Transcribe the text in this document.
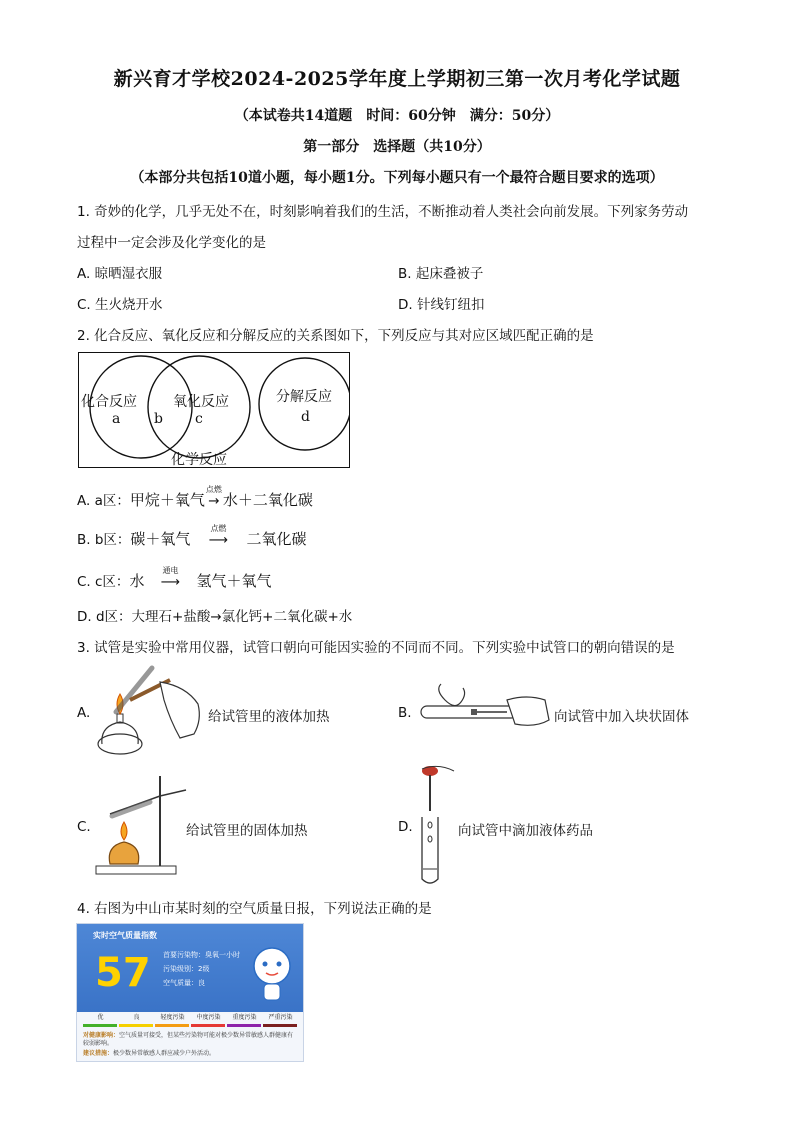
新兴育才学校2024-2025学年度上学期初三第一次月考化学试题
（本试卷共14道题　时间：60分钟　满分：50分）
第一部分　选择题（共10分）
（本部分共包括10道小题，每小题1分。下列每小题只有一个最符合题目要求的选项）
1. 奇妙的化学，几乎无处不在，时刻影响着我们的生活，不断推动着人类社会向前发展。下列家务劳动
过程中一定会涉及化学变化的是
A. 晾晒湿衣服	B. 起床叠被子
C. 生火烧开水	D. 针线钉纽扣
2. 化合反应、氧化反应和分解反应的关系图如下，下列反应与其对应区域匹配正确的是
化合反应
a b
氧化反应
c
分解反应
d
化学反应
A. a区：甲烷＋氧气
点燃
→ 水＋二氧化碳
B. b区：碳＋氧气
点燃
⟶ 二氧化碳
C. c区：水
通电
⟶ 氢气＋氧气
D. d区：大理石+盐酸→氯化钙+二氧化碳+水
3. 试管是实验中常用仪器，试管口朝向可能因实验的不同而不同。下列实验中试管口的朝向错误的是
A.	给试管里的液体加热	B.	向试管中加入块状固体
C.	给试管里的固体加热	D.	向试管中滴加液体药品
4. 右图为中山市某时刻的空气质量日报，下列说法正确的是
实时空气质量指数
57 首要污染物：臭氧一小时
污染级别：2级
空气质量：良
优	良	轻度污染	中度污染	重度污染	严重污染
对健康影响：空气质量可接受，但某些污染物可能对极少数异常敏感人群健康有较弱影响。
建议措施：极少数异常敏感人群应减少户外活动。
